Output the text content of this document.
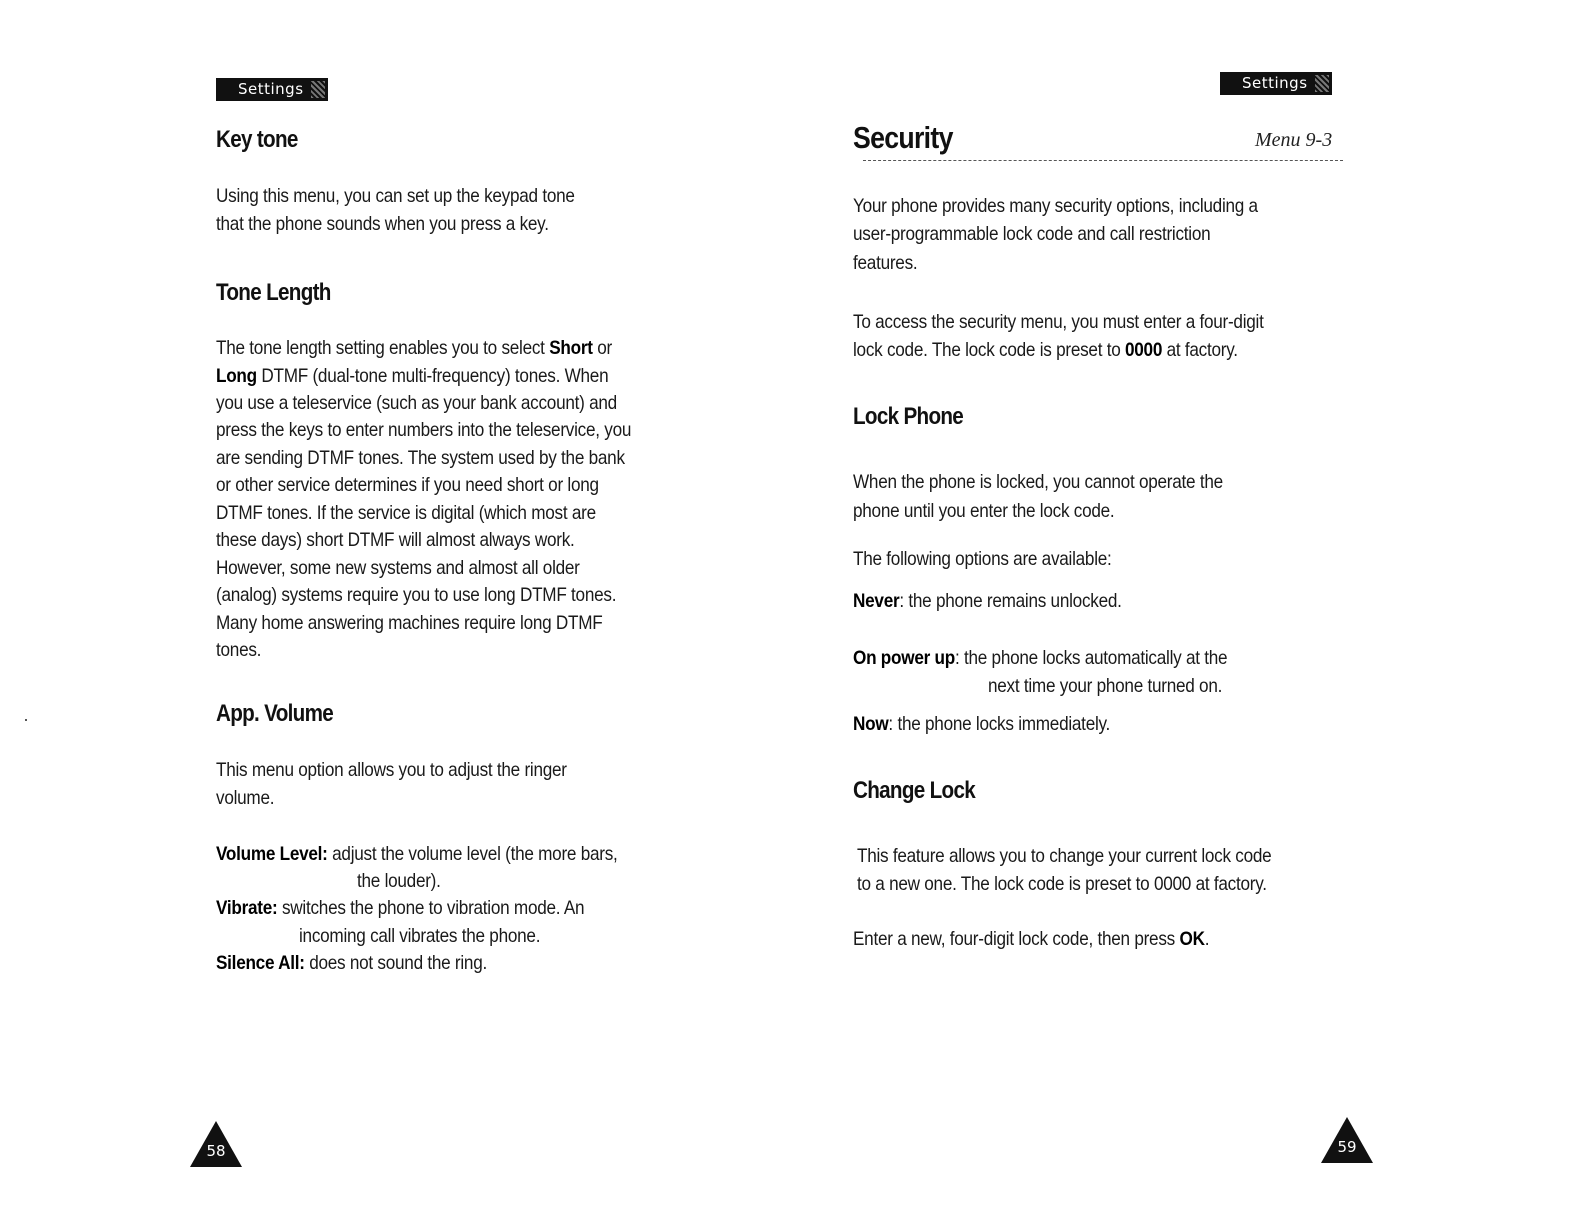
Settings
Key tone

Using this menu, you can set up the keypad tone

that the phone sounds when you press a key.

Tone Length

The tone length setting enables you to select Short or

Long DTMF (dual-tone multi-frequency) tones. When

you use a teleservice (such as your bank account) and

press the keys to enter numbers into the teleservice, you

are sending DTMF tones. The system used by the bank

or other service determines if you need short or long

DTMF tones. If the service is digital (which most are

these days) short DTMF will almost always work.

However, some new systems and almost all older

(analog) systems require you to use long DTMF tones.

Many home answering machines require long DTMF

tones.

App. Volume

This menu option allows you to adjust the ringer

volume.

Volume Level: adjust the volume level (the more bars,

the louder).

Vibrate: switches the phone to vibration mode. An

incoming call vibrates the phone.

Silence All: does not sound the ring.

58
Settings
Security	Menu 9-3

Your phone provides many security options, including a

user-programmable lock code and call restriction

features.

To access the security menu, you must enter a four-digit

lock code. The lock code is preset to 0000 at factory.

Lock Phone

When the phone is locked, you cannot operate the

phone until you enter the lock code.

The following options are available:

Never: the phone remains unlocked.

On power up: the phone locks automatically at the

next time your phone turned on.

Now: the phone locks immediately.

Change Lock

This feature allows you to change your current lock code

to a new one. The lock code is preset to 0000 at factory.

Enter a new, four-digit lock code, then press OK.

59
